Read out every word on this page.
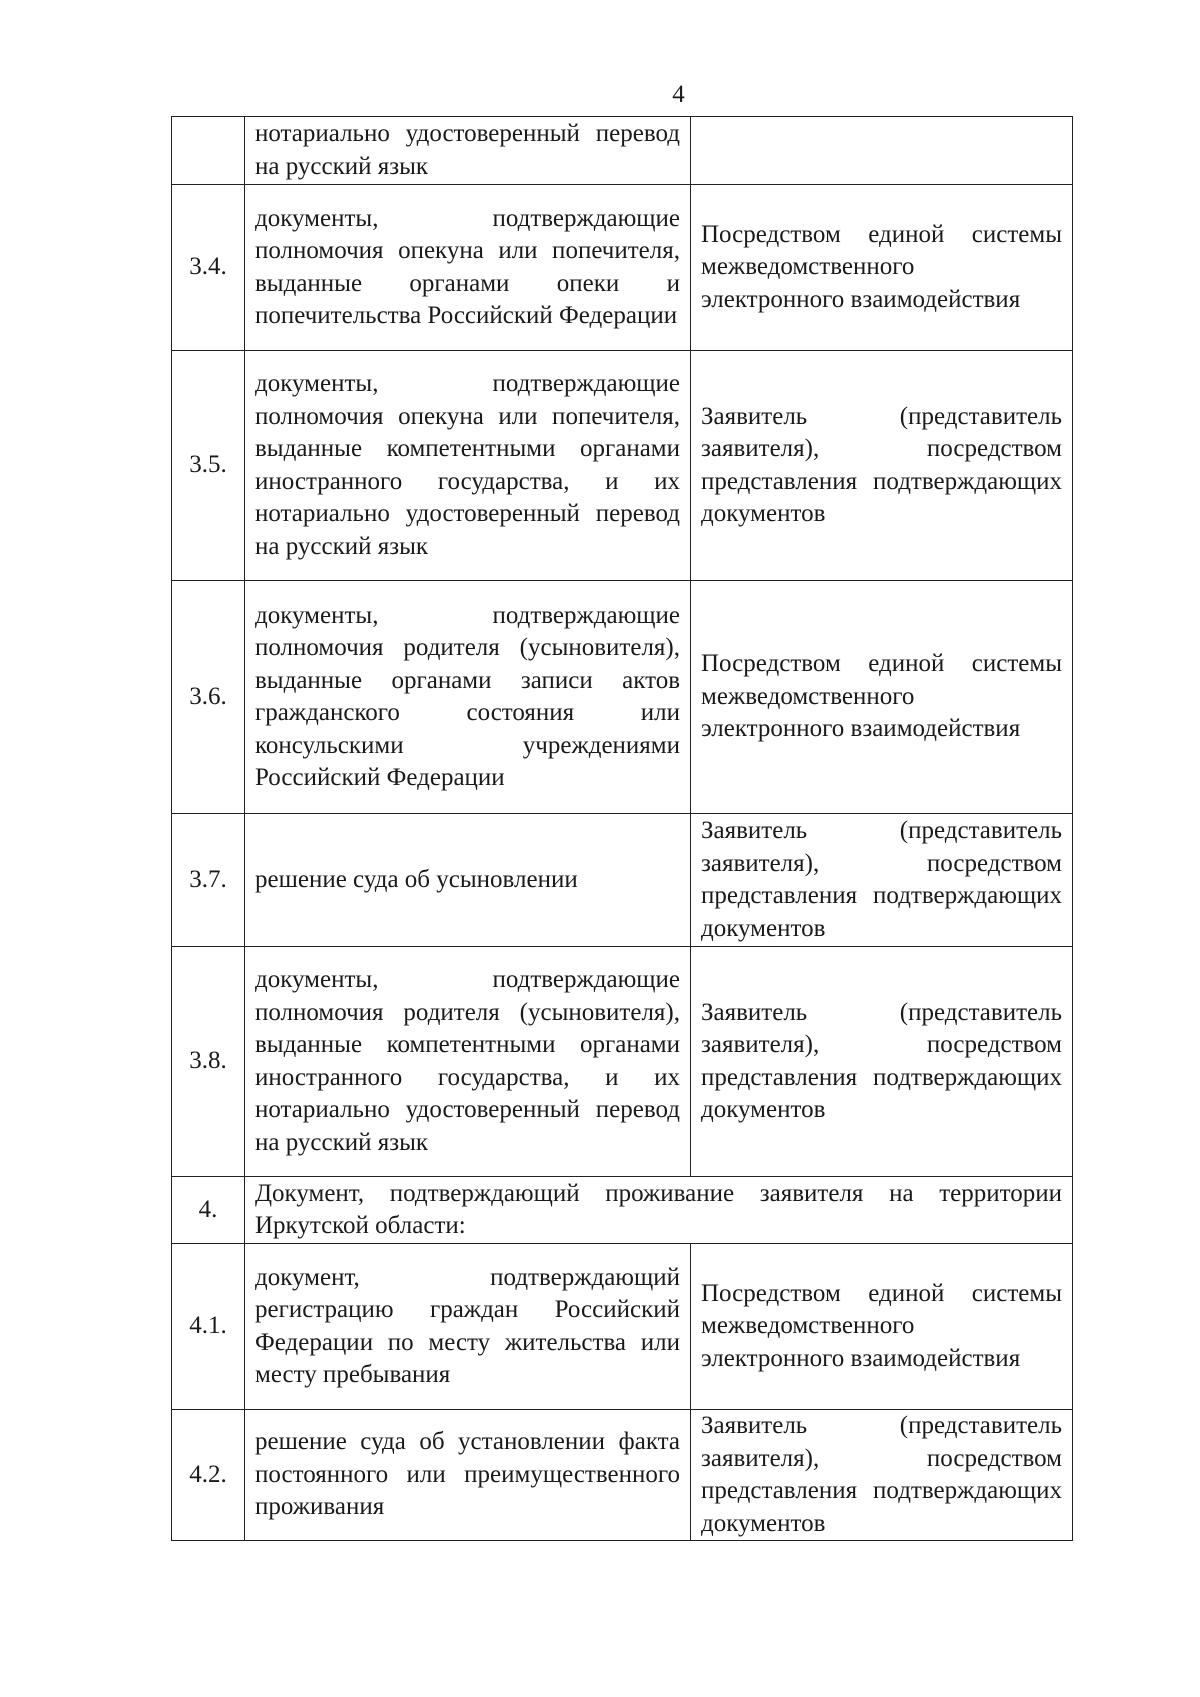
4
	нотариально удостоверенный перевод на русский язык	
3.4.	документы, подтверждающие полномочия опекуна или попечителя, выданные органами опеки и попечительства Российский Федерации	Посредством единой системы межведомственного электронного взаимодействия
3.5.	документы, подтверждающие полномочия опекуна или попечителя, выданные компетентными органами иностранного государства, и их нотариально удостоверенный перевод на русский язык	Заявитель (представитель заявителя), посредством представления подтверждающих документов
3.6.	документы, подтверждающие полномочия родителя (усыновителя), выданные органами записи актов гражданского состояния или консульскими учреждениями Российский Федерации	Посредством единой системы межведомственного электронного взаимодействия
3.7.	решение суда об усыновлении	Заявитель (представитель заявителя), посредством представления подтверждающих документов
3.8.	документы, подтверждающие полномочия родителя (усыновителя), выданные компетентными органами иностранного государства, и их нотариально удостоверенный перевод на русский язык	Заявитель (представитель заявителя), посредством представления подтверждающих документов
4.	Документ, подтверждающий проживание заявителя на территории Иркутской области:	
4.1.	документ, подтверждающий регистрацию граждан Российский Федерации по месту жительства или месту пребывания	Посредством единой системы межведомственного электронного взаимодействия
4.2.	решение суда об установлении факта постоянного или преимущественного проживания	Заявитель (представитель заявителя), посредством представления подтверждающих документов
